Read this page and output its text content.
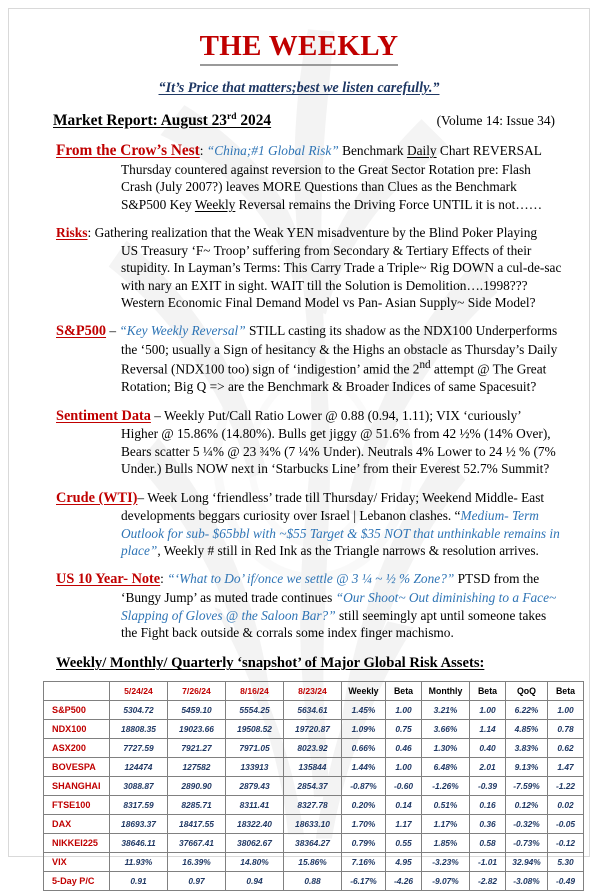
THE WEEKLY
“It’s Price that matters;best we listen carefully.”
Market Report: August 23rd 2024	(Volume 14: Issue 34)

From the Crow’s Nest: “China;#1 Global Risk” Benchmark Daily Chart REVERSAL

Thursday countered against reversion to the Great Sector Rotation pre: Flash Crash (July 2007?) leaves MORE Questions than Clues as the Benchmark S&P500 Key Weekly Reversal remains the Driving Force UNTIL it is not……

Risks: Gathering realization that the Weak YEN misadventure by the Blind Poker Playing

US Treasury ‘F~ Troop’ suffering from Secondary & Tertiary Effects of their stupidity. In Layman’s Terms: This Carry Trade a Triple~ Rig DOWN a cul-de-sac with nary an EXIT in sight. WAIT till the Solution is Demolition….1998??? Western Economic Final Demand Model vs Pan- Asian Supply~ Side Model?

S&P500 – “Key Weekly Reversal” STILL casting its shadow as the NDX100 Underperforms

the ‘500; usually a Sign of hesitancy & the Highs an obstacle as Thursday’s Daily Reversal (NDX100 too) sign of ‘indigestion’ amid the 2nd attempt @ The Great Rotation; Big Q => are the Benchmark & Broader Indices of same Spacesuit?

Sentiment Data – Weekly Put/Call Ratio Lower @ 0.88 (0.94, 1.11); VIX ‘curiously’

Higher @ 15.86% (14.80%). Bulls get jiggy @ 51.6% from 42 ½% (14% Over), Bears scatter 5 ¼% @ 23 ¾% (7 ¼% Under). Neutrals 4% Lower to 24 ½ % (7% Under.) Bulls NOW next in ‘Starbucks Line’ from their Everest 52.7% Summit?

Crude (WTI)– Week Long ‘friendless’ trade till Thursday/ Friday; Weekend Middle- East

developments beggars curiosity over Israel | Lebanon clashes. “Medium- Term Outlook for sub- $65bbl with ~$55 Target & $35 NOT that unthinkable remains in place”, Weekly # still in Red Ink as the Triangle narrows & resolution arrives.

US 10 Year- Note: “‘What to Do’ if/once we settle @ 3 ¼ ~ ½ % Zone?” PTSD from the

‘Bungy Jump’ as muted trade continues “Our Shoot~ Out diminishing to a Face~ Slapping of Gloves @ the Saloon Bar?” still seemingly apt until someone takes the Fight back outside & corrals some index finger machismo.

Weekly/ Monthly/ Quarterly ‘snapshot’ of Major Global Risk Assets:
	5/24/24	7/26/24	8/16/24	8/23/24	Weekly	Beta	Monthly	Beta	QoQ	Beta
S&P500	5304.72	5459.10	5554.25	5634.61	1.45%	1.00	3.21%	1.00	6.22%	1.00
NDX100	18808.35	19023.66	19508.52	19720.87	1.09%	0.75	3.66%	1.14	4.85%	0.78
ASX200	7727.59	7921.27	7971.05	8023.92	0.66%	0.46	1.30%	0.40	3.83%	0.62
BOVESPA	124474	127582	133913	135844	1.44%	1.00	6.48%	2.01	9.13%	1.47
SHANGHAI	3088.87	2890.90	2879.43	2854.37	-0.87%	-0.60	-1.26%	-0.39	-7.59%	-1.22
FTSE100	8317.59	8285.71	8311.41	8327.78	0.20%	0.14	0.51%	0.16	0.12%	0.02
DAX	18693.37	18417.55	18322.40	18633.10	1.70%	1.17	1.17%	0.36	-0.32%	-0.05
NIKKEI225	38646.11	37667.41	38062.67	38364.27	0.79%	0.55	1.85%	0.58	-0.73%	-0.12
VIX	11.93%	16.39%	14.80%	15.86%	7.16%	4.95	-3.23%	-1.01	32.94%	5.30
5-Day P/C	0.91	0.97	0.94	0.88	-6.17%	-4.26	-9.07%	-2.82	-3.08%	-0.49
